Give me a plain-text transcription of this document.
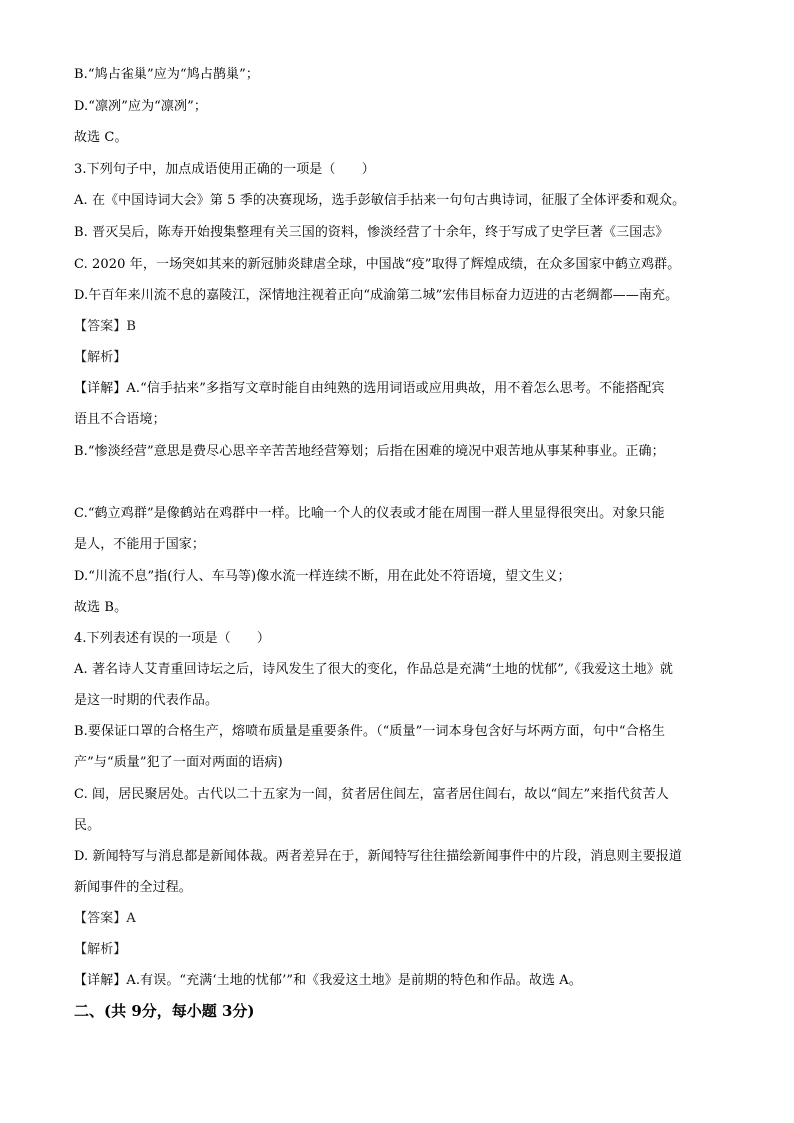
B.“鸠占雀巢”应为“鸠占鹊巢”；
D.“凛冽”应为“凛冽”；
故选 C。
3.下列句子中，加点成语使用正确的一项是（　　）
A. 在《中国诗词大会》第 5 季的决赛现场，选手彭敏信手拈来一句句古典诗词，征服了全体评委和观众。
B. 晋灭吴后，陈寿开始搜集整理有关三国的资料，惨淡经营了十余年，终于写成了史学巨著《三国志》
C. 2020 年，一场突如其来的新冠肺炎肆虐全球，中国战“疫”取得了辉煌成绩，在众多国家中鹤立鸡群。
D.午百年来川流不息的嘉陵江，深情地注视着正向“成渝第二城”宏伟目标奋力迈进的古老绸都——南充。
【答案】B
【解析】
【详解】A.“信手拈来”多指写文章时能自由纯熟的选用词语或应用典故，用不着怎么思考。不能搭配宾
语且不合语境；
B.“惨淡经营”意思是费尽心思辛辛苦苦地经营筹划；后指在困难的境况中艰苦地从事某种事业。正确；
C.“鹤立鸡群”是像鹤站在鸡群中一样。比喻一个人的仪表或才能在周围一群人里显得很突出。对象只能
是人，不能用于国家；
D.“川流不息”指(行人、车马等)像水流一样连续不断，用在此处不符语境，望文生义；
故选 B。
4.下列表述有误的一项是（　　）
A. 著名诗人艾青重回诗坛之后，诗风发生了很大的变化，作品总是充满“土地的忧郁”,《我爱这土地》就
是这一时期的代表作品。
B.要保证口罩的合格生产，熔喷布质量是重要条件。（“质量”一词本身包含好与坏两方面，句中“合格生
产”与“质量”犯了一面对两面的语病)
C. 闾，居民聚居处。古代以二十五家为一闾，贫者居住闾左，富者居住闾右，故以“闾左”来指代贫苦人
民。
D. 新闻特写与消息都是新闻体裁。两者差异在于，新闻特写往往描绘新闻事件中的片段，消息则主要报道
新闻事件的全过程。
【答案】A
【解析】
【详解】A.有误。“充满‘土地的忧郁’”和《我爱这土地》是前期的特色和作品。故选 A。
二、(共 9分，每小题 3分)
